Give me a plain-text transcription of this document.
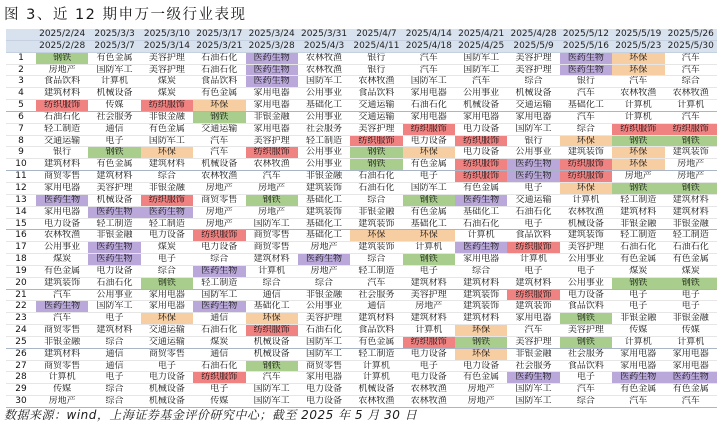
图 3、近 12 期申万一级行业表现
	2025/2/24	2025/3/3	2025/3/10	2025/3/17	2025/3/24	2025/3/31	2025/4/7	2025/4/14	2025/4/21	2025/4/28	2025/5/12	2025/5/19	2025/5/26
	2025/2/28	2025/3/7	2025/3/14	2025/3/21	2025/3/28	2025/4/3	2025/4/11	2025/4/18	2025/4/25	2025/5/9	2025/5/16	2025/5/23	2025/5/30
1	钢铁	有色金属	美容护理	石油石化	医药生物	农林牧渔	银行	汽车	国防军工	美容护理	医药生物	环保	汽车
2	房地产	国防军工	美容护理	石油石化	医药生物	农林牧渔	银行	汽车	国防军工	美容护理	医药生物	环保	汽车
3	食品饮料	计算机	煤炭	食品饮料	医药生物	国防军工	农林牧渔	国防军工	汽车	综合	银行	汽车	综合
4	建筑材料	机械设备	煤炭	有色金属	家用电器	公用事业	食品饮料	家用电器	公用事业	机械设备	汽车	农林牧渔	农林牧渔
5	纺织服饰	传媒	纺织服饰	环保	家用电器	基础化工	交通运输	石油石化	机械设备	交通运输	基础化工	计算机	计算机
6	石油石化	社会服务	非银金融	钢铁	非银金融	公用事业	交通运输	家用电器	家用电器	家用电器	汽车	计算机	汽车
7	轻工制造	通信	有色金属	交通运输	家用电器	社会服务	美容护理	纺织服饰	电力设备	国防军工	综合	纺织服饰	纺织服饰
8	交通运输	电子	国防军工	汽车	美容护理	轻工制造	纺织服饰	电力设备	纺织服饰	银行	环保	钢铁	钢铁
9	银行	钢铁	环保	汽车	纺织服饰	公用事业	钢铁	环保	电力设备	公用事业	建筑装饰	环保	建筑装饰
10	建筑材料	有色金属	建筑材料	机械设备	农林牧渔	公用事业	钢铁	有色金属	纺织服饰	医药生物	纺织服饰	环保	房地产
11	商贸零售	建筑材料	综合	农林牧渔	汽车	非银金融	石油石化	电子	纺织服饰	医药生物	纺织服饰	房地产	房地产
12	家用电器	美容护理	非银金融	房地产	房地产	建筑装饰	石油石化	国防军工	有色金属	电子	环保	钢铁	钢铁
13	医药生物	机械设备	纺织服饰	商贸零售	钢铁	基础化工	综合	钢铁	医药生物	交通运输	计算机	轻工制造	建筑材料
14	家用电器	医药生物	医药生物	房地产	房地产	建筑装饰	非银金融	有色金属	基础化工	石油石化	农林牧渔	建筑材料	建筑材料
15	电力设备	轻工制造	轻工制造	房地产	国防军工	基础化工	建筑装饰	基础化工	石油石化	电子	机械设备	非银金融	非银金融
16	农林牧渔	非银金融	电力设备	纺织服饰	商贸零售	基础化工	环保	环保	计算机	食品饮料	建筑装饰	轻工制造	轻工制造
17	公用事业	医药生物	煤炭	电力设备	商贸零售	房地产	建筑装饰	计算机	医药生物	纺织服饰	美容护理	石油石化	石油石化
18	煤炭	医药生物	电子	综合	建筑材料	医药生物	综合	钢铁	家用电器	计算机	公用事业	有色金属	有色金属
19	有色金属	电力设备	综合	医药生物	计算机	房地产	轻工制造	电子	综合	电子	电子	煤炭	煤炭
20	建筑装饰	石油石化	钢铁	轻工制造	综合	综合	汽车	建筑材料	建筑材料	建筑材料	公用事业	钢铁	钢铁
21	汽车	公用事业	家用电器	国防军工	通信	非银金融	社会服务	美容护理	建筑装饰	纺织服饰	电力设备	电子	电子
22	医药生物	国防军工	家用电器	医药生物	基础化工	公用事业	通信	房地产	建筑装饰	建筑装饰	食品饮料	电子	电子
23	汽车	电子	环保	通信	环保	美容护理	建筑材料	建筑材料	建筑材料	家用电器	钢铁	非银金融	非银金融
24	商贸零售	建筑材料	交通运输	石油石化	纺织服饰	石油石化	食品饮料	计算机	环保	汽车	美容护理	传媒	传媒
25	非银金融	综合	交通运输	煤炭	机械设备	国防军工	有色金属	纺织服饰	钢铁	美容护理	钢铁	计算机	计算机
26	建筑材料	通信	商贸零售	通信	机械设备	国防军工	轻工制造	电力设备	环保	非银金融	社会服务	家用电器	家用电器
27	商贸零售	通信	电子	石油石化	钢铁	商贸零售	计算机	电子	电力设备	社会服务	食品饮料	家用电器	家用电器
28	计算机	电子	电力设备	纺织服饰	汽车	家用电器	计算机	电力设备	有色金属	医药生物	电子	医药生物	医药生物
29	传媒	综合	机械设备	电子	国防军工	电力设备	机械设备	农林牧渔	房地产	国防军工	汽车	有色金属	有色金属
30	房地产	综合	机械设备	传媒	国防军工	电力设备	农林牧渔	农林牧渔	房地产	国防军工	综合	汽车	汽车
数据来源：wind，上海证券基金评价研究中心；截至 2025 年 5 月 30 日
